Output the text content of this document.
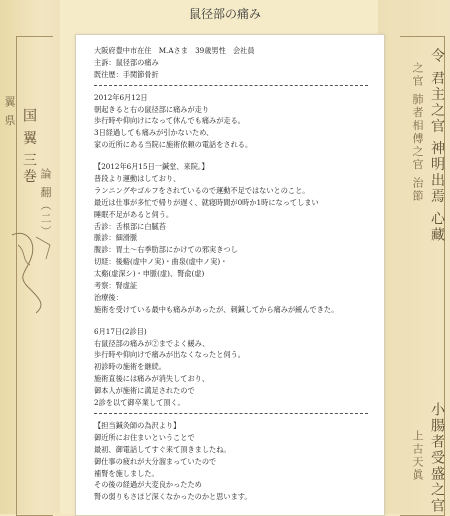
翼 県 国 翼 三巻
論 翻（二）	令 君主之官 神明出焉 心藏
之官 肺者相傅之官 治節
小腸者受盛之官
上古天眞
鼠径部の痛み
大阪府豊中市在住　M.Aさま　39歳男性　会社員
主訴：鼠径部の痛み
既往歴：手関節骨折
2012年6月12日
朝起きると右の鼠径部に痛みが走り
歩行時や仰向けになって休んでも痛みが走る。
3日経過しても痛みが引かないため、
家の近所にある当院に施術依頼の電話をされる。
【2012年6月15日一鍼堂、来院。】
普段より運動はしており、
ランニングやゴルフをされているので運動不足ではないとのこと。
最近は仕事が多忙で帰りが遅く、就寝時間が0時か1時になってしまい
睡眠不足があると伺う。
舌診：舌根部に白膩苔
脈診：細滑脈
腹診：胃土～右季肋部にかけての邪実きつし
切経：後谿(虚中ノ実)・曲泉(虚中ノ実)・
太谿(虚深シ)・申脈(虚)、腎兪(虚)
考察：腎虚証
治療後：
施術を受けている最中も痛みがあったが、刺鍼してから痛みが緩んできた。
6月17日(2診目)
右鼠径部の痛みが②までよく緩み、
歩行時や仰向けで痛みが出なくなったと伺う。
初診時の施術を継続。
施術直後には痛みが消失しており、
御本人が施術に満足されたので
2診を以て御卒業して頂く。
【担当鍼灸師の為沢より】
御近所にお住まいということで
最初、御電話してすぐ来て頂きましたね。
御仕事の疲れが大分溜まっていたので
補腎を施しました。
その後の経過が大変良かったため
腎の弱りもさほど深くなかったのかと思います。
